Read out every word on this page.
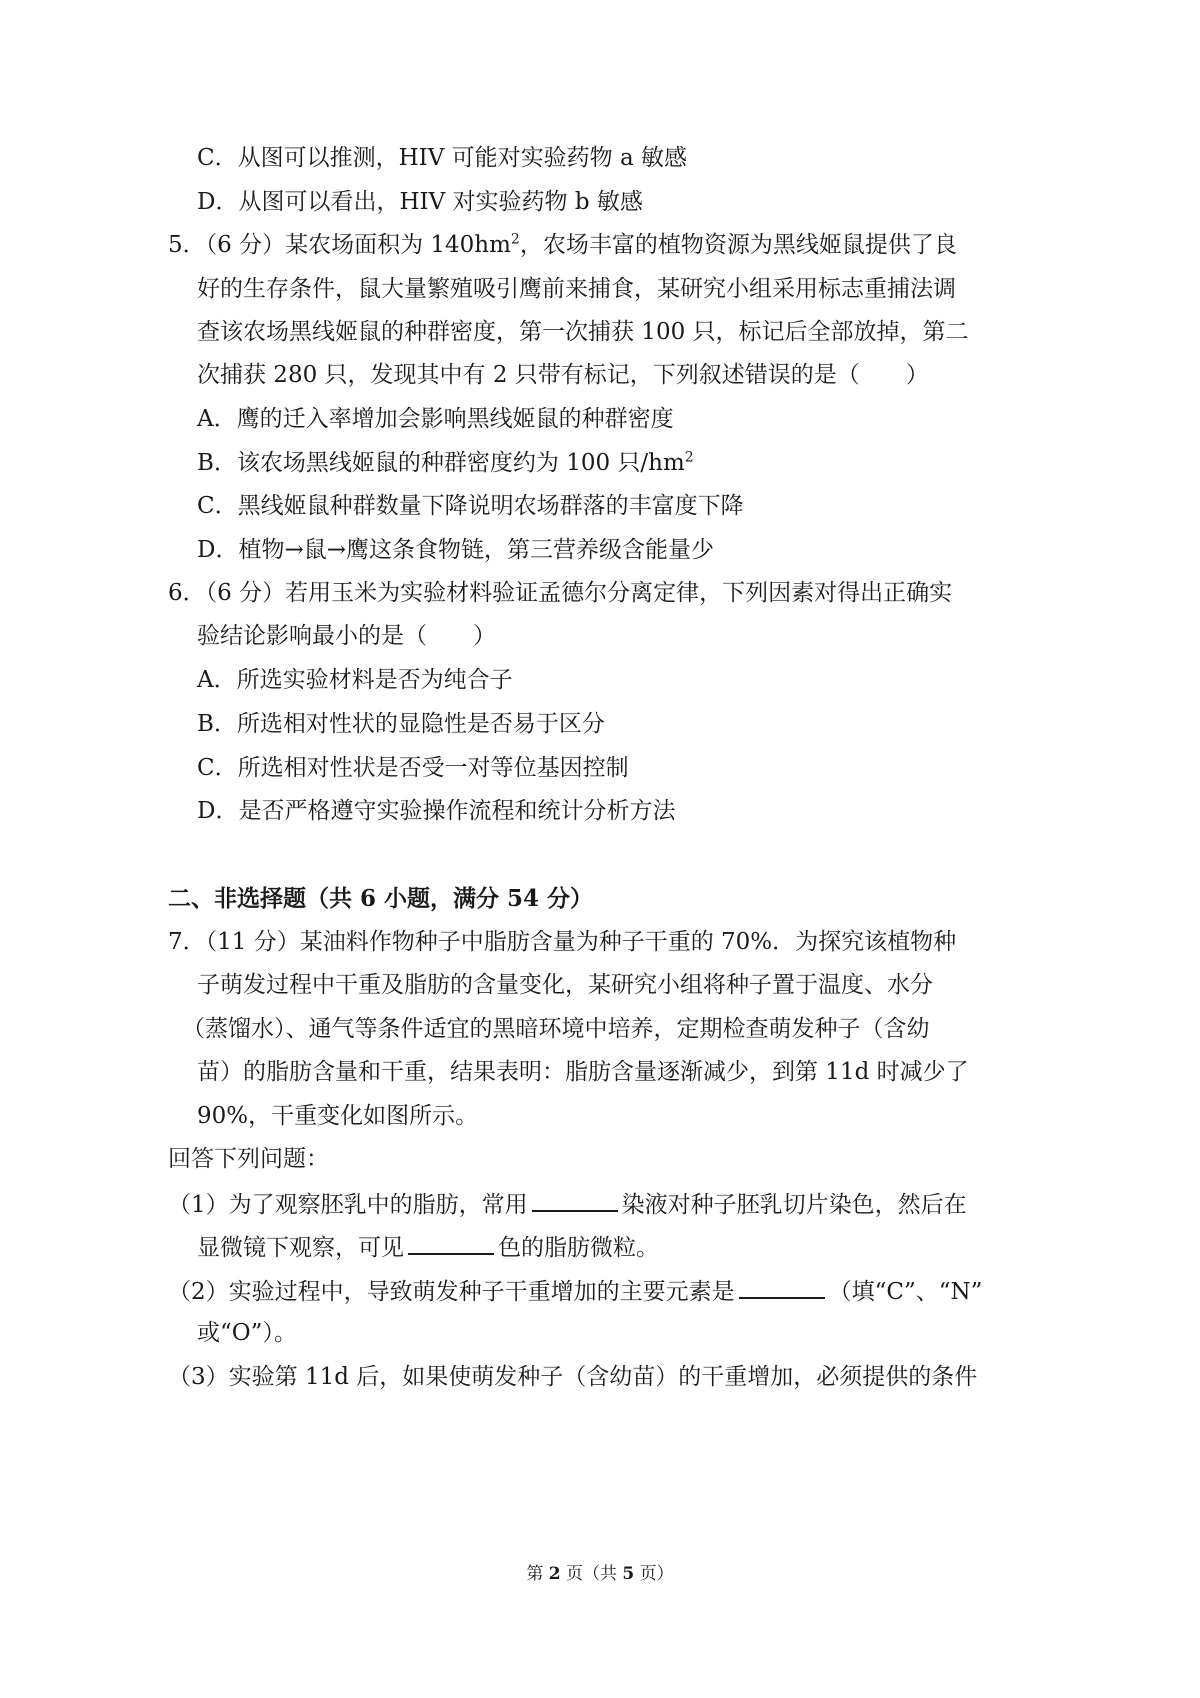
C．从图可以推测，HIV 可能对实验药物 a 敏感
D．从图可以看出，HIV 对实验药物 b 敏感
5．（6 分）某农场面积为 $140hm^2$，农场丰富的植物资源为黑线姬鼠提供了良
好的生存条件，鼠大量繁殖吸引鹰前来捕食，某研究小组采用标志重捕法调
查该农场黑线姬鼠的种群密度，第一次捕获 100 只，标记后全部放掉，第二
次捕获 280 只，发现其中有 2 只带有标记，下列叙述错误的是（　　）
A．鹰的迁入率增加会影响黑线姬鼠的种群密度
B．该农场黑线姬鼠的种群密度约为 100 只$/hm^2$
C．黑线姬鼠种群数量下降说明农场群落的丰富度下降
D．植物→鼠→鹰这条食物链，第三营养级含能量少
6．（6 分）若用玉米为实验材料验证孟德尔分离定律，下列因素对得出正确实
验结论影响最小的是（　　）
A．所选实验材料是否为纯合子
B．所选相对性状的显隐性是否易于区分
C．所选相对性状是否受一对等位基因控制
D．是否严格遵守实验操作流程和统计分析方法
二、非选择题（共 6 小题，满分 54 分）
7．（11 分）某油料作物种子中脂肪含量为种子干重的 70%．为探究该植物种
子萌发过程中干重及脂肪的含量变化，某研究小组将种子置于温度、水分
（蒸馏水）、通气等条件适宜的黑暗环境中培养，定期检查萌发种子（含幼
苗）的脂肪含量和干重，结果表明：脂肪含量逐渐减少，到第 11d 时减少了
90%，干重变化如图所示。
回答下列问题：
（1）为了观察胚乳中的脂肪，常用	染液对种子胚乳切片染色，然后在
显微镜下观察，可见	色的脂肪微粒。
（2）实验过程中，导致萌发种子干重增加的主要元素是	（填“C”、“N”
或“O”）。
（3）实验第 11d 后，如果使萌发种子（含幼苗）的干重增加，必须提供的条件
第 2 页（共 5 页）
